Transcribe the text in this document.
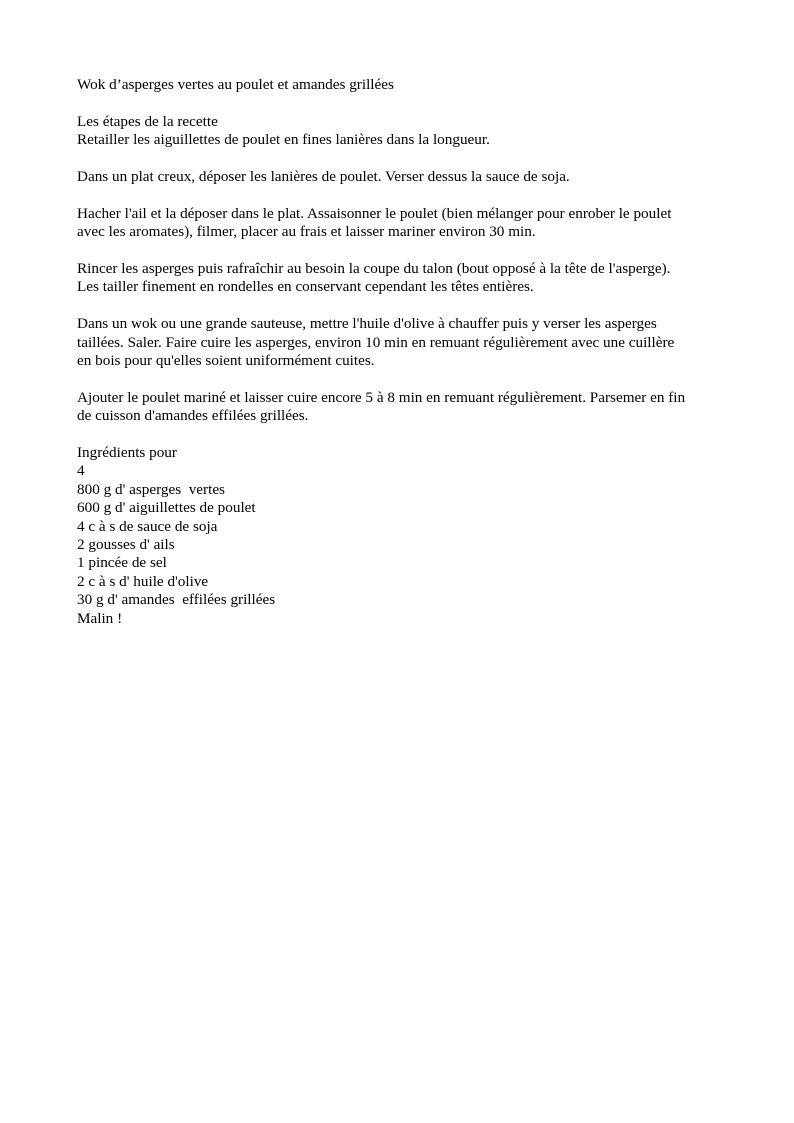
Wok d’asperges vertes au poulet et amandes grillées
Les étapes de la recette
Retailler les aiguillettes de poulet en fines lanières dans la longueur.
Dans un plat creux, déposer les lanières de poulet. Verser dessus la sauce de soja.
Hacher l'ail et la déposer dans le plat. Assaisonner le poulet (bien mélanger pour enrober le poulet
avec les aromates), filmer, placer au frais et laisser mariner environ 30 min.
Rincer les asperges puis rafraîchir au besoin la coupe du talon (bout opposé à la tête de l'asperge).
Les tailler finement en rondelles en conservant cependant les têtes entières.
Dans un wok ou une grande sauteuse, mettre l'huile d'olive à chauffer puis y verser les asperges
taillées. Saler. Faire cuire les asperges, environ 10 min en remuant régulièrement avec une cuillère
en bois pour qu'elles soient uniformément cuites.
Ajouter le poulet mariné et laisser cuire encore 5 à 8 min en remuant régulièrement. Parsemer en fin
de cuisson d'amandes effilées grillées.
Ingrédients pour
4
800 g d' asperges  vertes
600 g d' aiguillettes de poulet
4 c à s de sauce de soja
2 gousses d' ails
1 pincée de sel
2 c à s d' huile d'olive
30 g d' amandes  effilées grillées
Malin !
